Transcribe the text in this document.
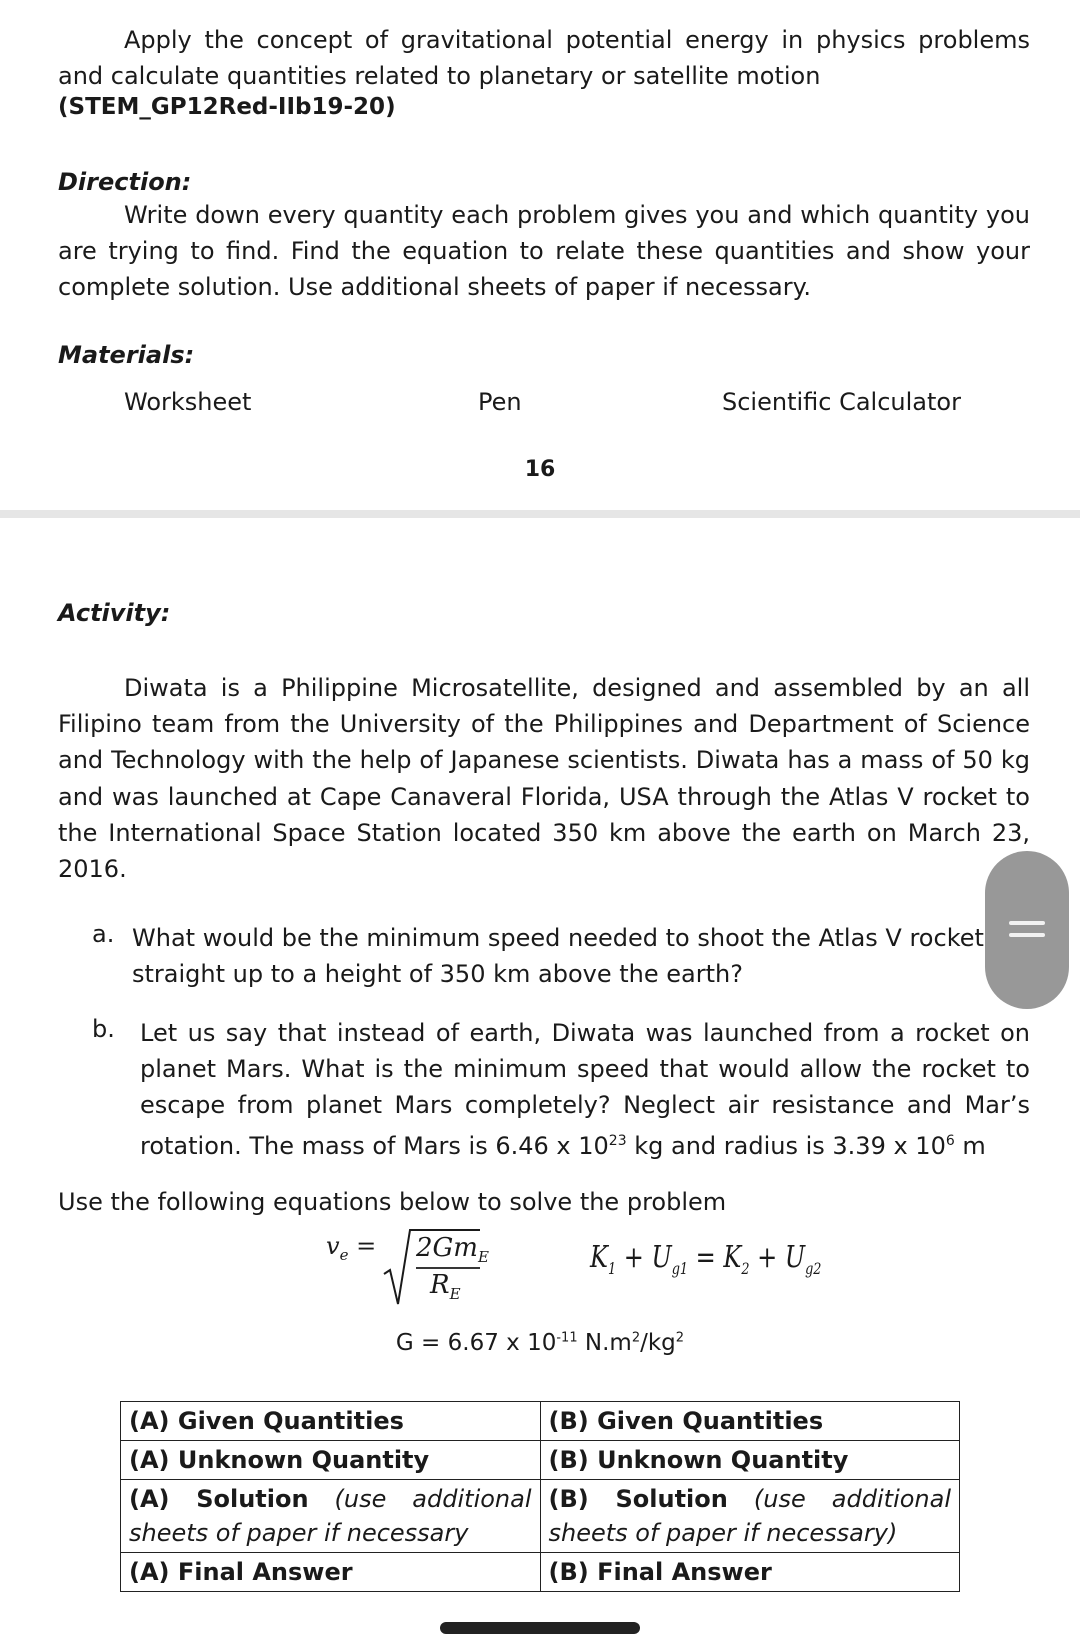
Apply the concept of gravitational potential energy in physics problems and calculate quantities related to planetary or satellite motion
(STEM_GP12Red-IIb19-20)
Direction:
Write down every quantity each problem gives you and which quantity you are trying to find. Find the equation to relate these quantities and show your complete solution. Use additional sheets of paper if necessary.
Materials:
Worksheet	Pen	Scientific Calculator
16
Activity:
Diwata is a Philippine Microsatellite, designed and assembled by an all Filipino team from the University of the Philippines and Department of Science and Technology with the help of Japanese scientists. Diwata has a mass of 50 kg and was launched at Cape Canaveral Florida, USA through the Atlas V rocket to the International Space Station located 350 km above the earth on March 23, 2016.
a. What would be the minimum speed needed to shoot the Atlas V rocket straight up to a height of 350 km above the earth?
b. Let us say that instead of earth, Diwata was launched from a rocket on planet Mars. What is the minimum speed that would allow the rocket to escape from planet Mars completely? Neglect air resistance and Mar’s rotation. The mass of Mars is 6.46 x $10^{23}$ kg and radius is 3.39 x $10^6$ m
Use the following equations below to solve the problem
$v_e = 2Gm_E$
$R_E$
$K_1 + U_{g1} = K_2 + U_{g2}$
G = 6.67 x $10^{-11}$ $N.m^2/kg^2$
(A) Given Quantities	(B) Given Quantities
(A) Unknown Quantity	(B) Unknown Quantity
(A) Solution (use additional sheets of paper if necessary	(B) Solution (use additional sheets of paper if necessary)
(A) Final Answer	(B) Final Answer
